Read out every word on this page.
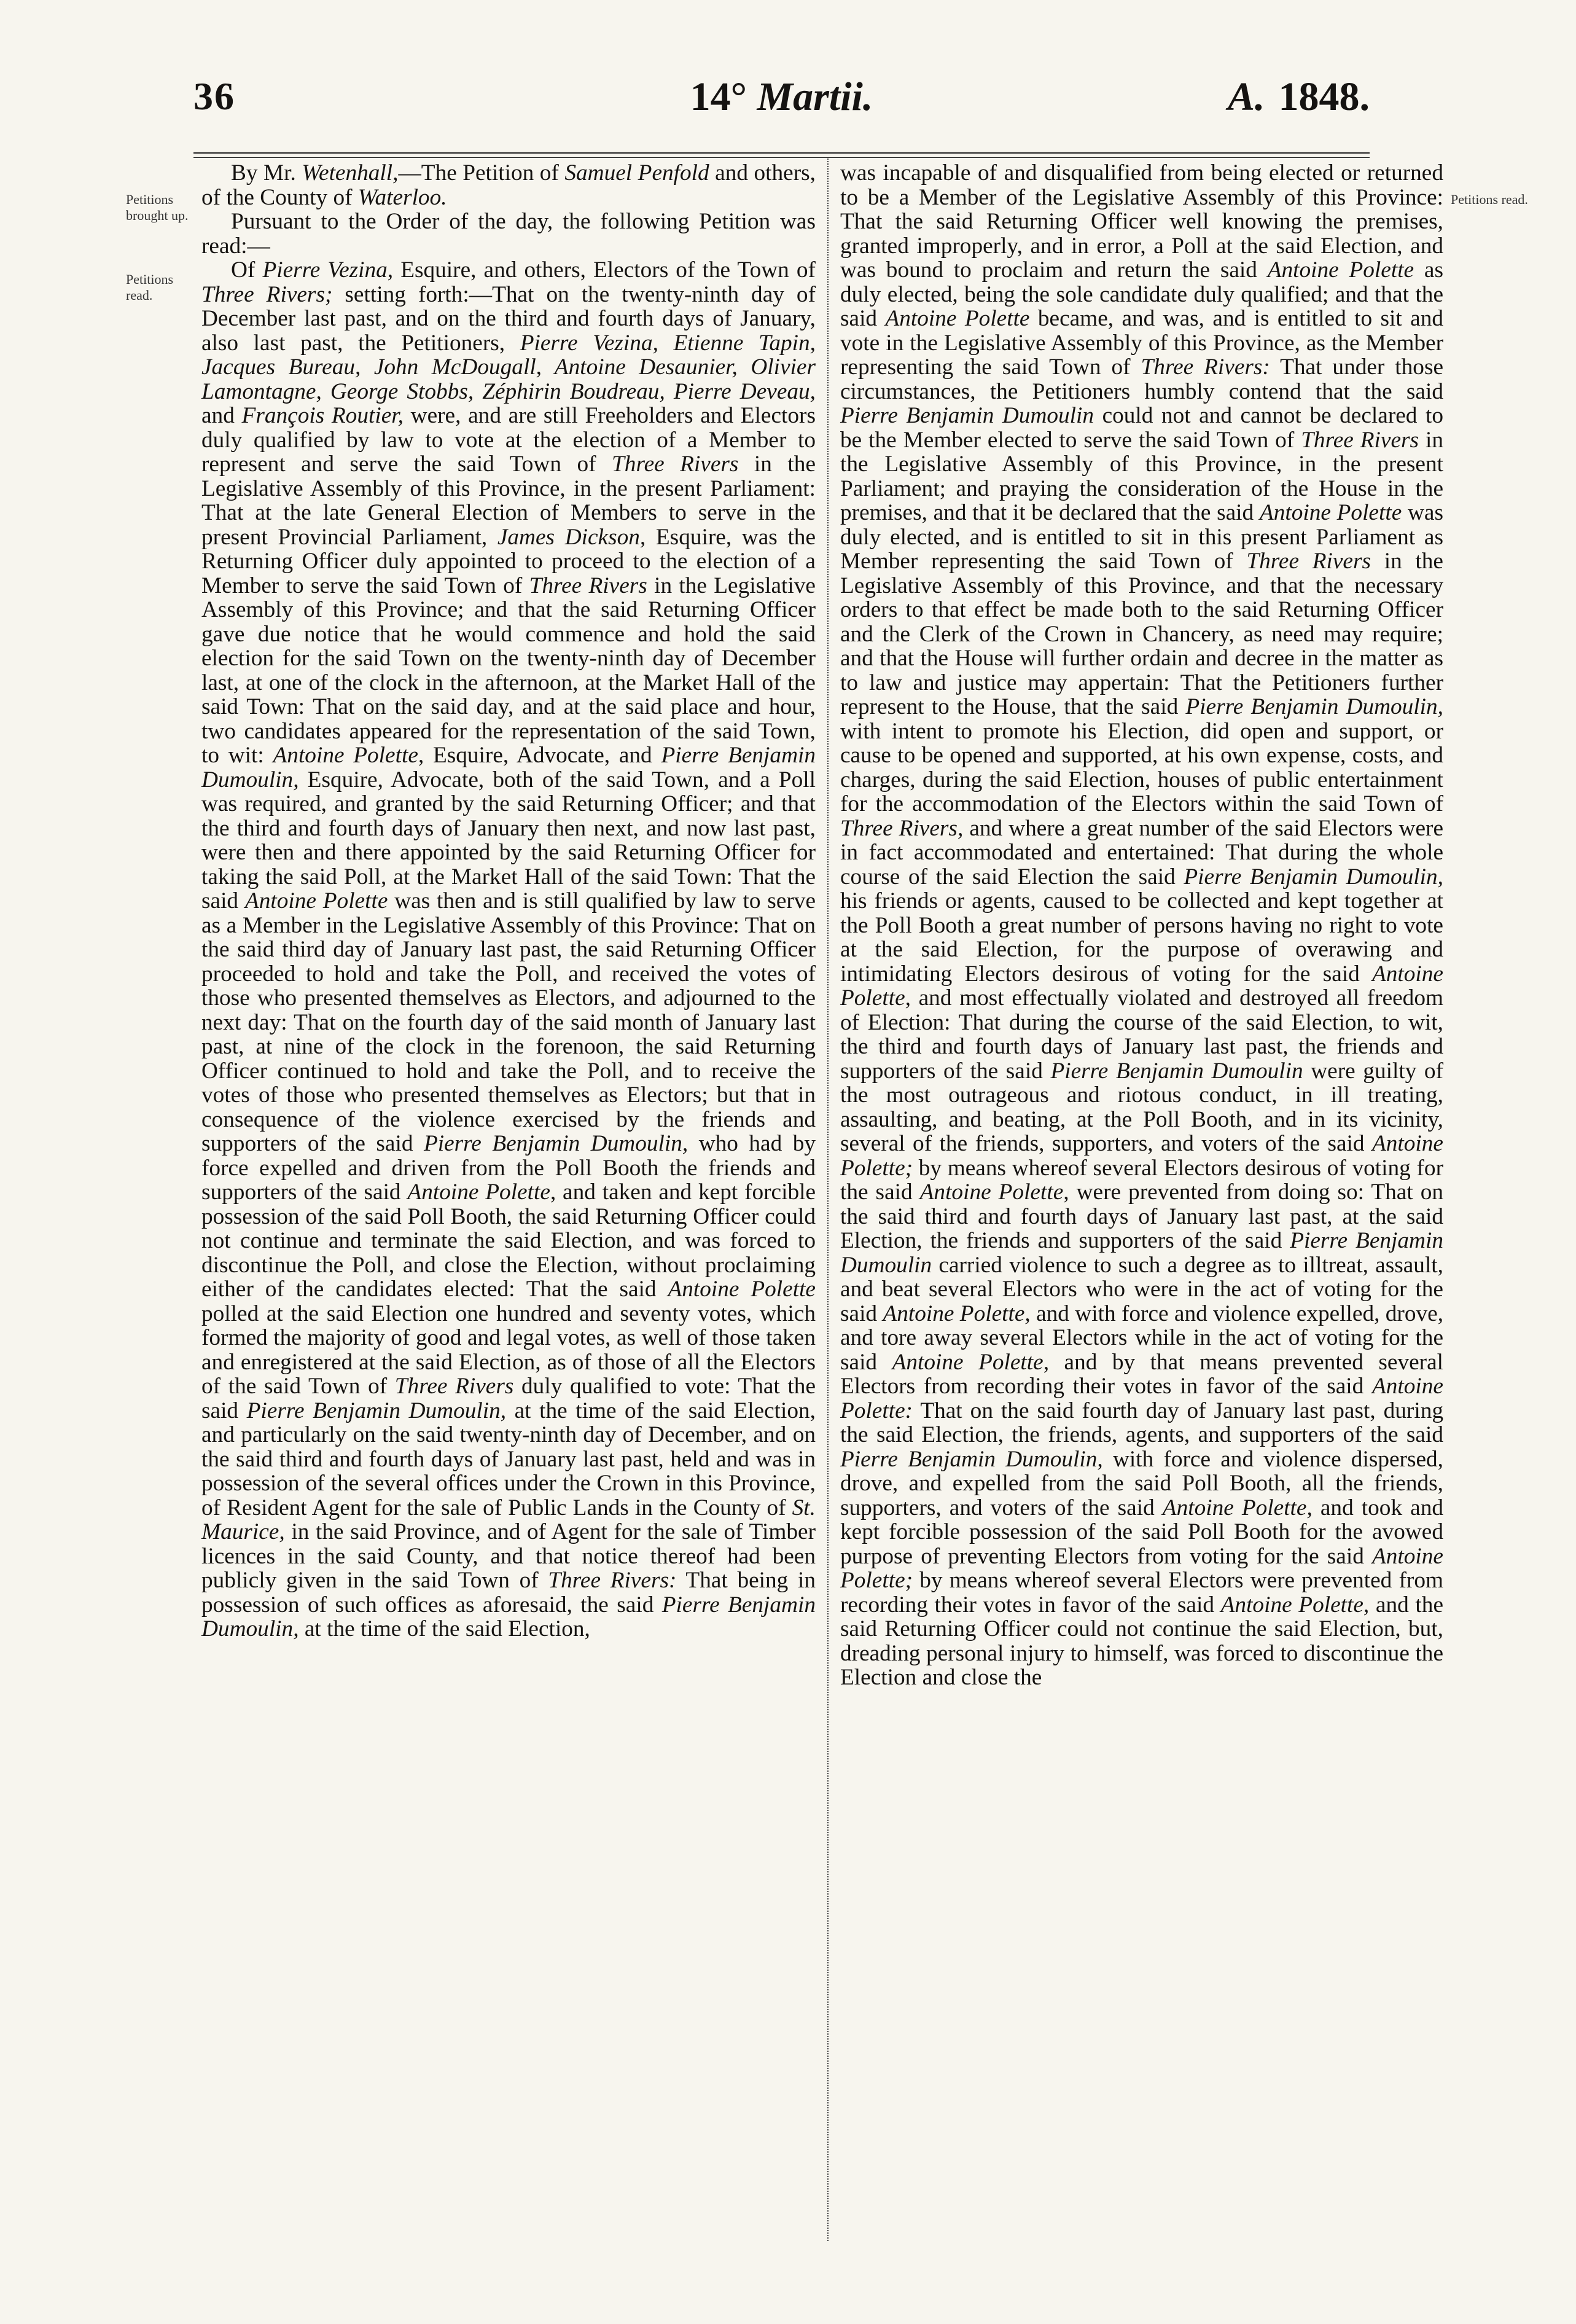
36	14° Martii.	A. 1848.
Petitions brought up.
Petitions read.
Petitions read.

By Mr. Wetenhall,—The Petition of Samuel Penfold and others, of the County of Waterloo.

Pursuant to the Order of the day, the following Petition was read:—

Of Pierre Vezina, Esquire, and others, Electors of the Town of Three Rivers; setting forth:—That on the twenty-ninth day of December last past, and on the third and fourth days of January, also last past, the Petitioners, Pierre Vezina, Etienne Tapin, Jacques Bureau, John McDougall, Antoine Desaunier, Olivier Lamontagne, George Stobbs, Zéphirin Boudreau, Pierre Deveau, and François Routier, were, and are still Freeholders and Electors duly qualified by law to vote at the election of a Member to represent and serve the said Town of Three Rivers in the Legislative Assembly of this Province, in the present Parliament: That at the late General Election of Members to serve in the present Provincial Parliament, James Dickson, Esquire, was the Returning Officer duly appointed to proceed to the election of a Member to serve the said Town of Three Rivers in the Legislative Assembly of this Province; and that the said Returning Officer gave due notice that he would commence and hold the said election for the said Town on the twenty-ninth day of December last, at one of the clock in the afternoon, at the Market Hall of the said Town: That on the said day, and at the said place and hour, two candidates appeared for the representation of the said Town, to wit: Antoine Polette, Esquire, Advocate, and Pierre Benjamin Dumoulin, Esquire, Advocate, both of the said Town, and a Poll was required, and granted by the said Returning Officer; and that the third and fourth days of January then next, and now last past, were then and there appointed by the said Returning Officer for taking the said Poll, at the Market Hall of the said Town: That the said Antoine Polette was then and is still qualified by law to serve as a Member in the Legislative Assembly of this Province: That on the said third day of January last past, the said Returning Officer proceeded to hold and take the Poll, and received the votes of those who presented themselves as Electors, and adjourned to the next day: That on the fourth day of the said month of January last past, at nine of the clock in the forenoon, the said Returning Officer continued to hold and take the Poll, and to receive the votes of those who presented themselves as Electors; but that in consequence of the violence exercised by the friends and supporters of the said Pierre Benjamin Dumoulin, who had by force expelled and driven from the Poll Booth the friends and supporters of the said Antoine Polette, and taken and kept forcible possession of the said Poll Booth, the said Returning Officer could not continue and terminate the said Election, and was forced to discontinue the Poll, and close the Election, without proclaiming either of the candidates elected: That the said Antoine Polette polled at the said Election one hundred and seventy votes, which formed the majority of good and legal votes, as well of those taken and enregistered at the said Election, as of those of all the Electors of the said Town of Three Rivers duly qualified to vote: That the said Pierre Benjamin Dumoulin, at the time of the said Election, and particularly on the said twenty-ninth day of December, and on the said third and fourth days of January last past, held and was in possession of the several offices under the Crown in this Province, of Resident Agent for the sale of Public Lands in the County of St. Maurice, in the said Province, and of Agent for the sale of Timber licences in the said County, and that notice thereof had been publicly given in the said Town of Three Rivers: That being in possession of such offices as aforesaid, the said Pierre Benjamin Dumoulin, at the time of the said Election,

was incapable of and disqualified from being elected or returned to be a Member of the Legislative Assembly of this Province: That the said Returning Officer well knowing the premises, granted improperly, and in error, a Poll at the said Election, and was bound to proclaim and return the said Antoine Polette as duly elected, being the sole candidate duly qualified; and that the said Antoine Polette became, and was, and is entitled to sit and vote in the Legislative Assembly of this Province, as the Member representing the said Town of Three Rivers: That under those circumstances, the Petitioners humbly contend that the said Pierre Benjamin Dumoulin could not and cannot be declared to be the Member elected to serve the said Town of Three Rivers in the Legislative Assembly of this Province, in the present Parliament; and praying the consideration of the House in the premises, and that it be declared that the said Antoine Polette was duly elected, and is entitled to sit in this present Parliament as Member representing the said Town of Three Rivers in the Legislative Assembly of this Province, and that the necessary orders to that effect be made both to the said Returning Officer and the Clerk of the Crown in Chancery, as need may require; and that the House will further ordain and decree in the matter as to law and justice may appertain: That the Petitioners further represent to the House, that the said Pierre Benjamin Dumoulin, with intent to promote his Election, did open and support, or cause to be opened and supported, at his own expense, costs, and charges, during the said Election, houses of public entertainment for the accommodation of the Electors within the said Town of Three Rivers, and where a great number of the said Electors were in fact accommodated and entertained: That during the whole course of the said Election the said Pierre Benjamin Dumoulin, his friends or agents, caused to be collected and kept together at the Poll Booth a great number of persons having no right to vote at the said Election, for the purpose of overawing and intimidating Electors desirous of voting for the said Antoine Polette, and most effectually violated and destroyed all freedom of Election: That during the course of the said Election, to wit, the third and fourth days of January last past, the friends and supporters of the said Pierre Benjamin Dumoulin were guilty of the most outrageous and riotous conduct, in ill treating, assaulting, and beating, at the Poll Booth, and in its vicinity, several of the friends, supporters, and voters of the said Antoine Polette; by means whereof several Electors desirous of voting for the said Antoine Polette, were prevented from doing so: That on the said third and fourth days of January last past, at the said Election, the friends and supporters of the said Pierre Benjamin Dumoulin carried violence to such a degree as to illtreat, assault, and beat several Electors who were in the act of voting for the said Antoine Polette, and with force and violence expelled, drove, and tore away several Electors while in the act of voting for the said Antoine Polette, and by that means prevented several Electors from recording their votes in favor of the said Antoine Polette: That on the said fourth day of January last past, during the said Election, the friends, agents, and supporters of the said Pierre Benjamin Dumoulin, with force and violence dispersed, drove, and expelled from the said Poll Booth, all the friends, supporters, and voters of the said Antoine Polette, and took and kept forcible possession of the said Poll Booth for the avowed purpose of preventing Electors from voting for the said Antoine Polette; by means whereof several Electors were prevented from recording their votes in favor of the said Antoine Polette, and the said Returning Officer could not continue the said Election, but, dreading personal injury to himself, was forced to discontinue the Election and close the
